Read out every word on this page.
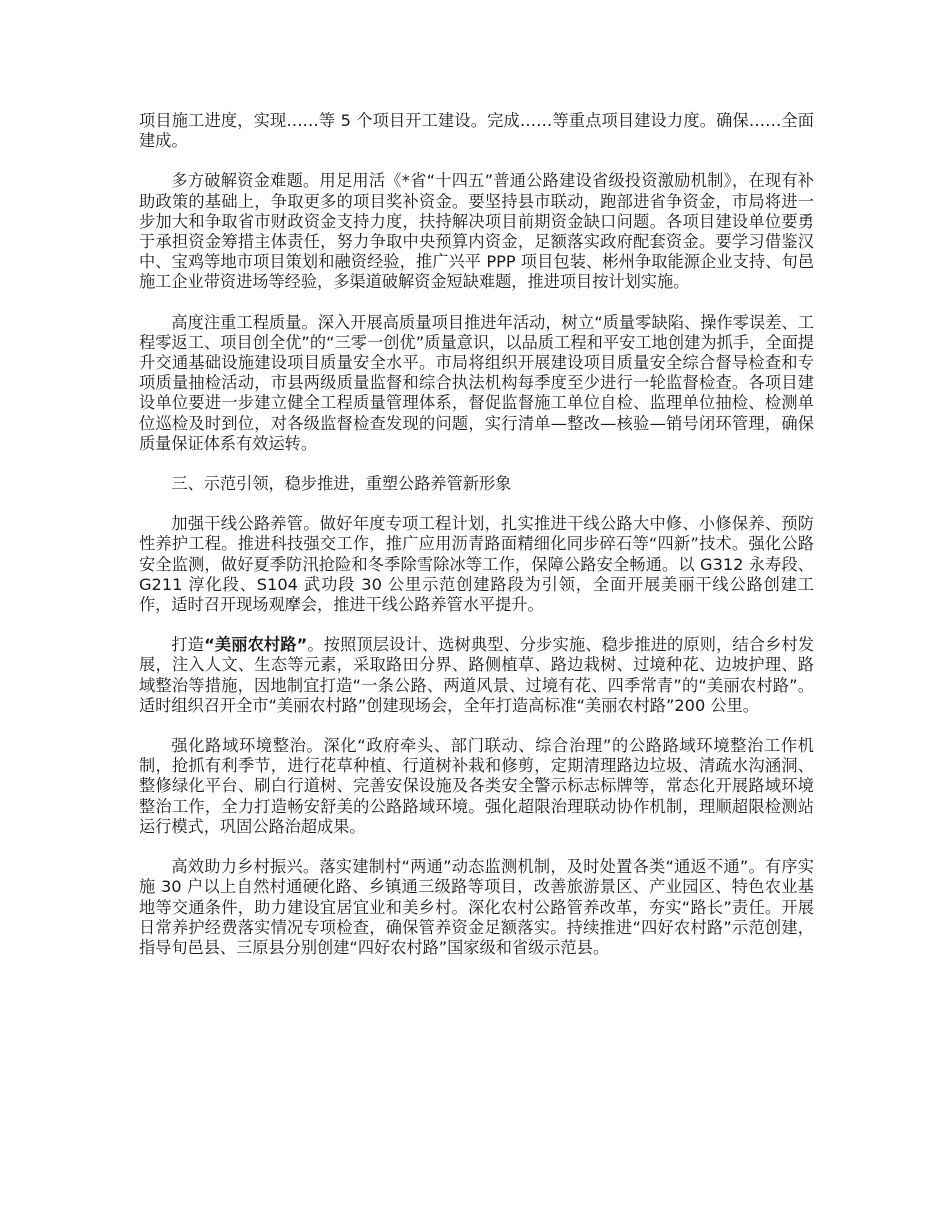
项目施工进度，实现……等 5 个项目开工建设。完成……等重点项目建设力度。确保……全面建成。

多方破解资金难题。用足用活《*省“十四五”普通公路建设省级投资激励机制》，在现有补助政策的基础上，争取更多的项目奖补资金。要坚持县市联动，跑部进省争资金，市局将进一步加大和争取省市财政资金支持力度，扶持解决项目前期资金缺口问题。各项目建设单位要勇于承担资金筹措主体责任，努力争取中央预算内资金，足额落实政府配套资金。要学习借鉴汉中、宝鸡等地市项目策划和融资经验，推广兴平 PPP 项目包装、彬州争取能源企业支持、旬邑施工企业带资进场等经验，多渠道破解资金短缺难题，推进项目按计划实施。

高度注重工程质量。深入开展高质量项目推进年活动，树立“质量零缺陷、操作零误差、工程零返工、项目创全优”的“三零一创优”质量意识，以品质工程和平安工地创建为抓手，全面提升交通基础设施建设项目质量安全水平。市局将组织开展建设项目质量安全综合督导检查和专项质量抽检活动，市县两级质量监督和综合执法机构每季度至少进行一轮监督检查。各项目建设单位要进一步建立健全工程质量管理体系，督促监督施工单位自检、监理单位抽检、检测单位巡检及时到位，对各级监督检查发现的问题，实行清单—整改—核验—销号闭环管理，确保质量保证体系有效运转。

三、示范引领，稳步推进，重塑公路养管新形象

加强干线公路养管。做好年度专项工程计划，扎实推进干线公路大中修、小修保养、预防性养护工程。推进科技强交工作，推广应用沥青路面精细化同步碎石等“四新”技术。强化公路安全监测，做好夏季防汛抢险和冬季除雪除冰等工作，保障公路安全畅通。以 G312 永寿段、G211 淳化段、S104 武功段 30 公里示范创建路段为引领，全面开展美丽干线公路创建工作，适时召开现场观摩会，推进干线公路养管水平提升。

打造“美丽农村路”。按照顶层设计、选树典型、分步实施、稳步推进的原则，结合乡村发展，注入人文、生态等元素，采取路田分界、路侧植草、路边栽树、过境种花、边坡护理、路域整治等措施，因地制宜打造“一条公路、两道风景、过境有花、四季常青”的“美丽农村路”。适时组织召开全市“美丽农村路”创建现场会，全年打造高标准“美丽农村路”200 公里。

强化路域环境整治。深化“政府牵头、部门联动、综合治理”的公路路域环境整治工作机制，抢抓有利季节，进行花草种植、行道树补栽和修剪，定期清理路边垃圾、清疏水沟涵洞、整修绿化平台、刷白行道树、完善安保设施及各类安全警示标志标牌等，常态化开展路域环境整治工作，全力打造畅安舒美的公路路域环境。强化超限治理联动协作机制，理顺超限检测站运行模式，巩固公路治超成果。

高效助力乡村振兴。落实建制村“两通”动态监测机制，及时处置各类“通返不通”。有序实施 30 户以上自然村通硬化路、乡镇通三级路等项目，改善旅游景区、产业园区、特色农业基地等交通条件，助力建设宜居宜业和美乡村。深化农村公路管养改革，夯实“路长”责任。开展日常养护经费落实情况专项检查，确保管养资金足额落实。持续推进“四好农村路”示范创建，指导旬邑县、三原县分别创建“四好农村路”国家级和省级示范县。
